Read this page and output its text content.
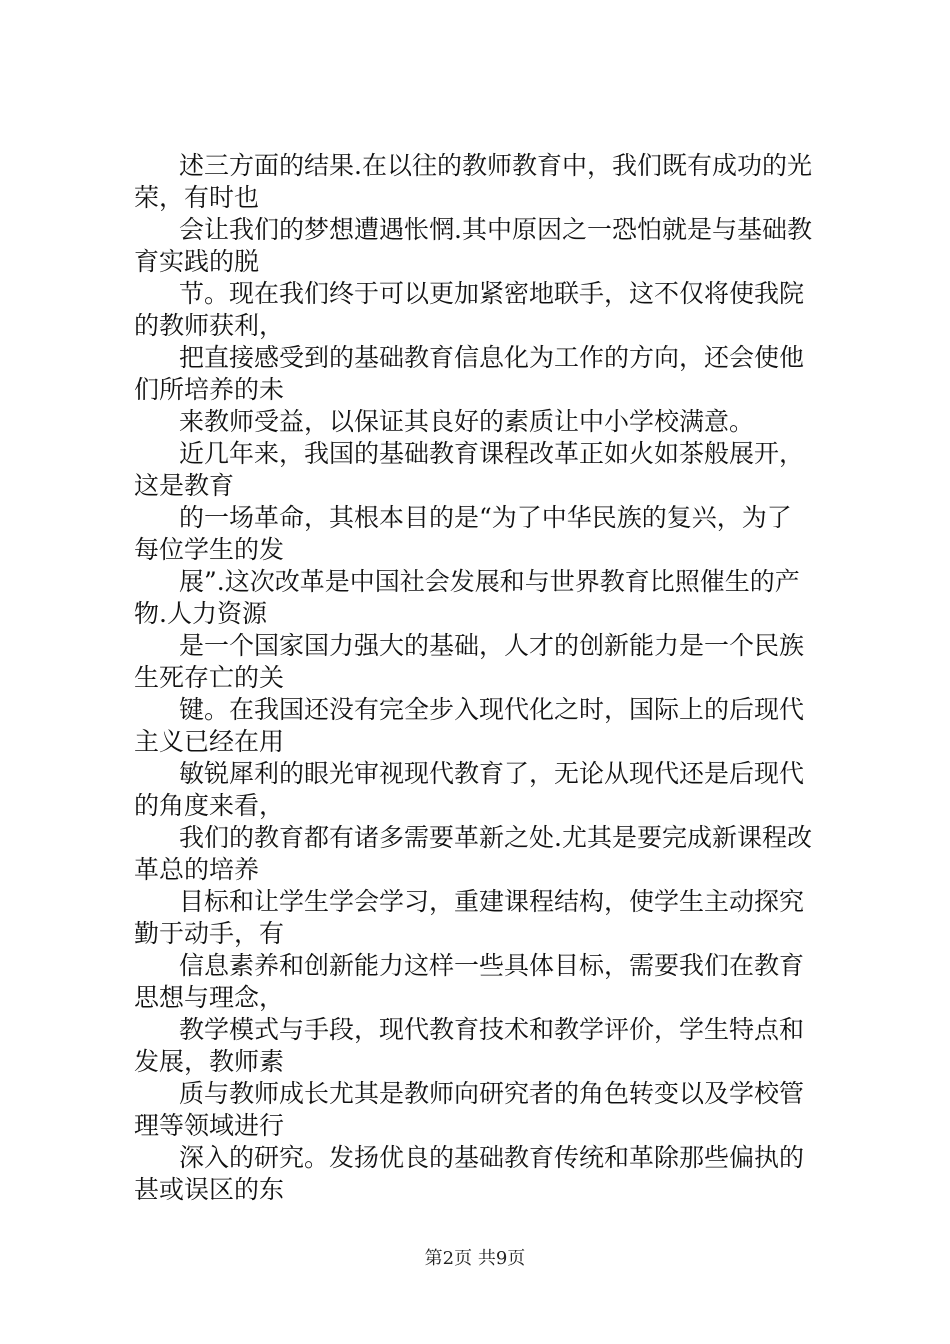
述三方面的结果.在以往的教师教育中，我们既有成功的光
荣，有时也
会让我们的梦想遭遇怅惘.其中原因之一恐怕就是与基础教
育实践的脱
节。现在我们终于可以更加紧密地联手，这不仅将使我院
的教师获利，
把直接感受到的基础教育信息化为工作的方向，还会使他
们所培养的未
来教师受益，以保证其良好的素质让中小学校满意。
近几年来，我国的基础教育课程改革正如火如茶般展开，
这是教育
的一场革命，其根本目的是“为了中华民族的复兴，为了
每位学生的发
展”.这次改革是中国社会发展和与世界教育比照催生的产
物.人力资源
是一个国家国力强大的基础，人才的创新能力是一个民族
生死存亡的关
键。在我国还没有完全步入现代化之时，国际上的后现代
主义已经在用
敏锐犀利的眼光审视现代教育了，无论从现代还是后现代
的角度来看，
我们的教育都有诸多需要革新之处.尤其是要完成新课程改
革总的培养
目标和让学生学会学习，重建课程结构，使学生主动探究
勤于动手，有
信息素养和创新能力这样一些具体目标，需要我们在教育
思想与理念，
教学模式与手段，现代教育技术和教学评价，学生特点和
发展，教师素
质与教师成长尤其是教师向研究者的角色转变以及学校管
理等领域进行
深入的研究。发扬优良的基础教育传统和革除那些偏执的
甚或误区的东
第2页 共9页
